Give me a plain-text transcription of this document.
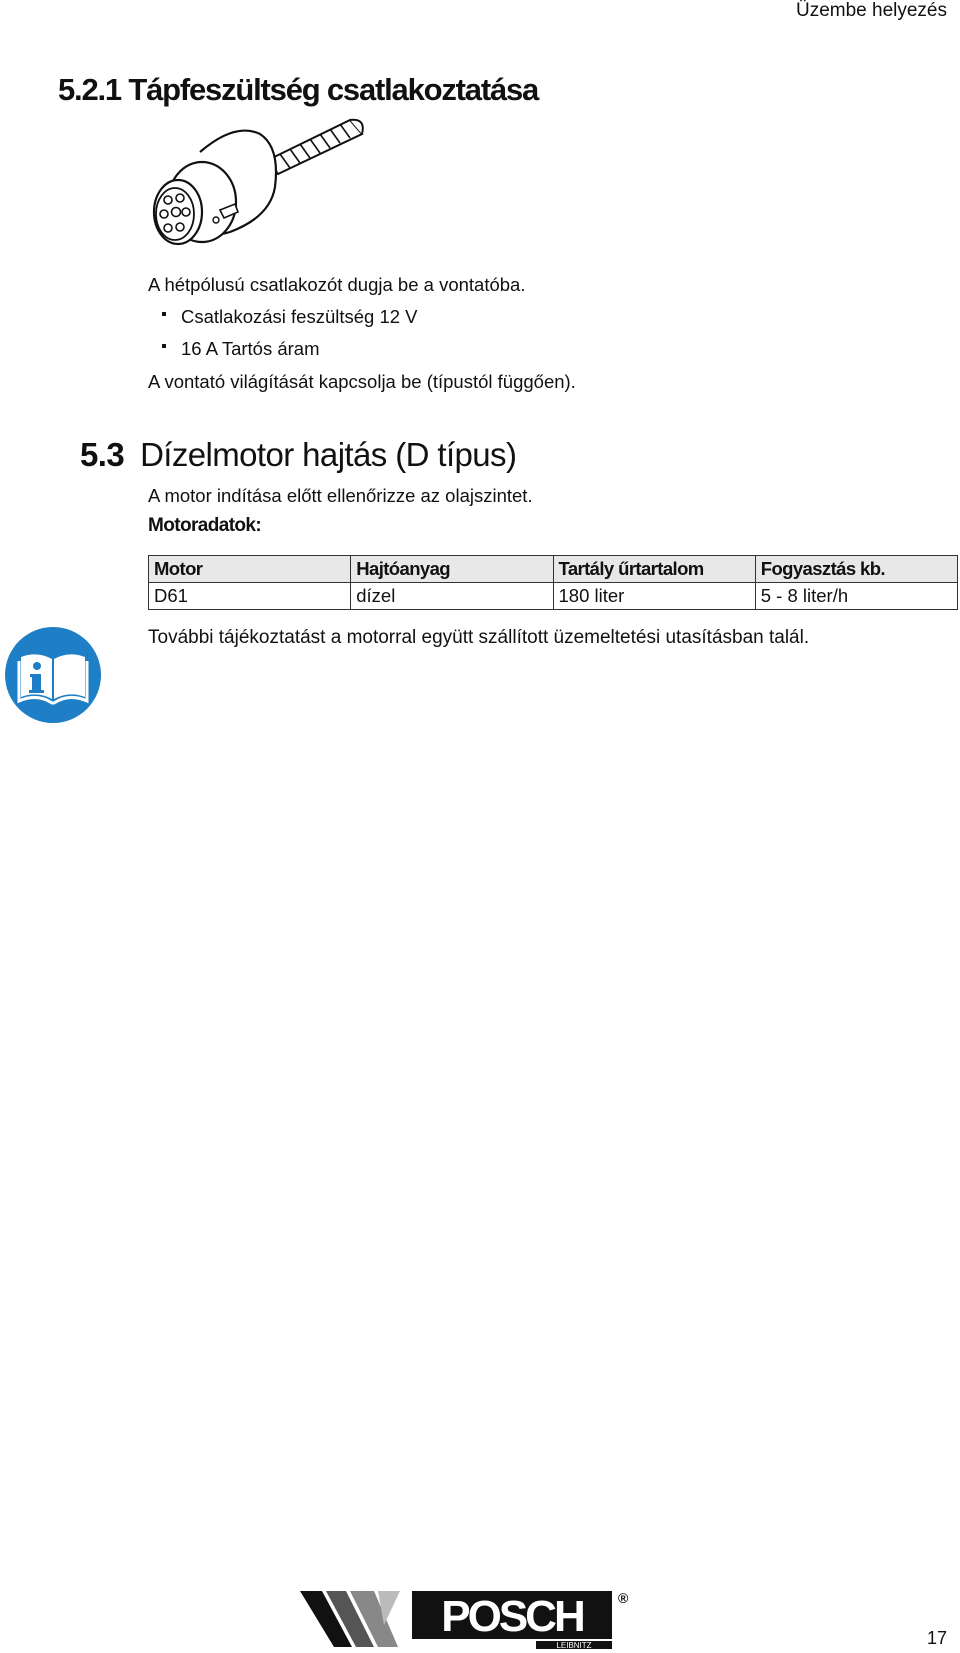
Üzembe helyezés
5.2.1 Tápfeszültség csatlakoztatása
A hétpólusú csatlakozót dugja be a vontatóba.
Csatlakozási feszültség 12 V
16 A Tartós áram
A vontató világítását kapcsolja be (típustól függően).
5.3 Dízelmotor hajtás (D típus)
A motor indítása előtt ellenőrizze az olajszintet.
Motoradatok:
Motor	Hajtóanyag	Tartály űrtartalom	Fogyasztás kb.
D61	dízel	180 liter	5 - 8 liter/h
További tájékoztatást a motorral együtt szállított üzemeltetési utasításban talál.
POSCH
LEIBNITZ
®
17
